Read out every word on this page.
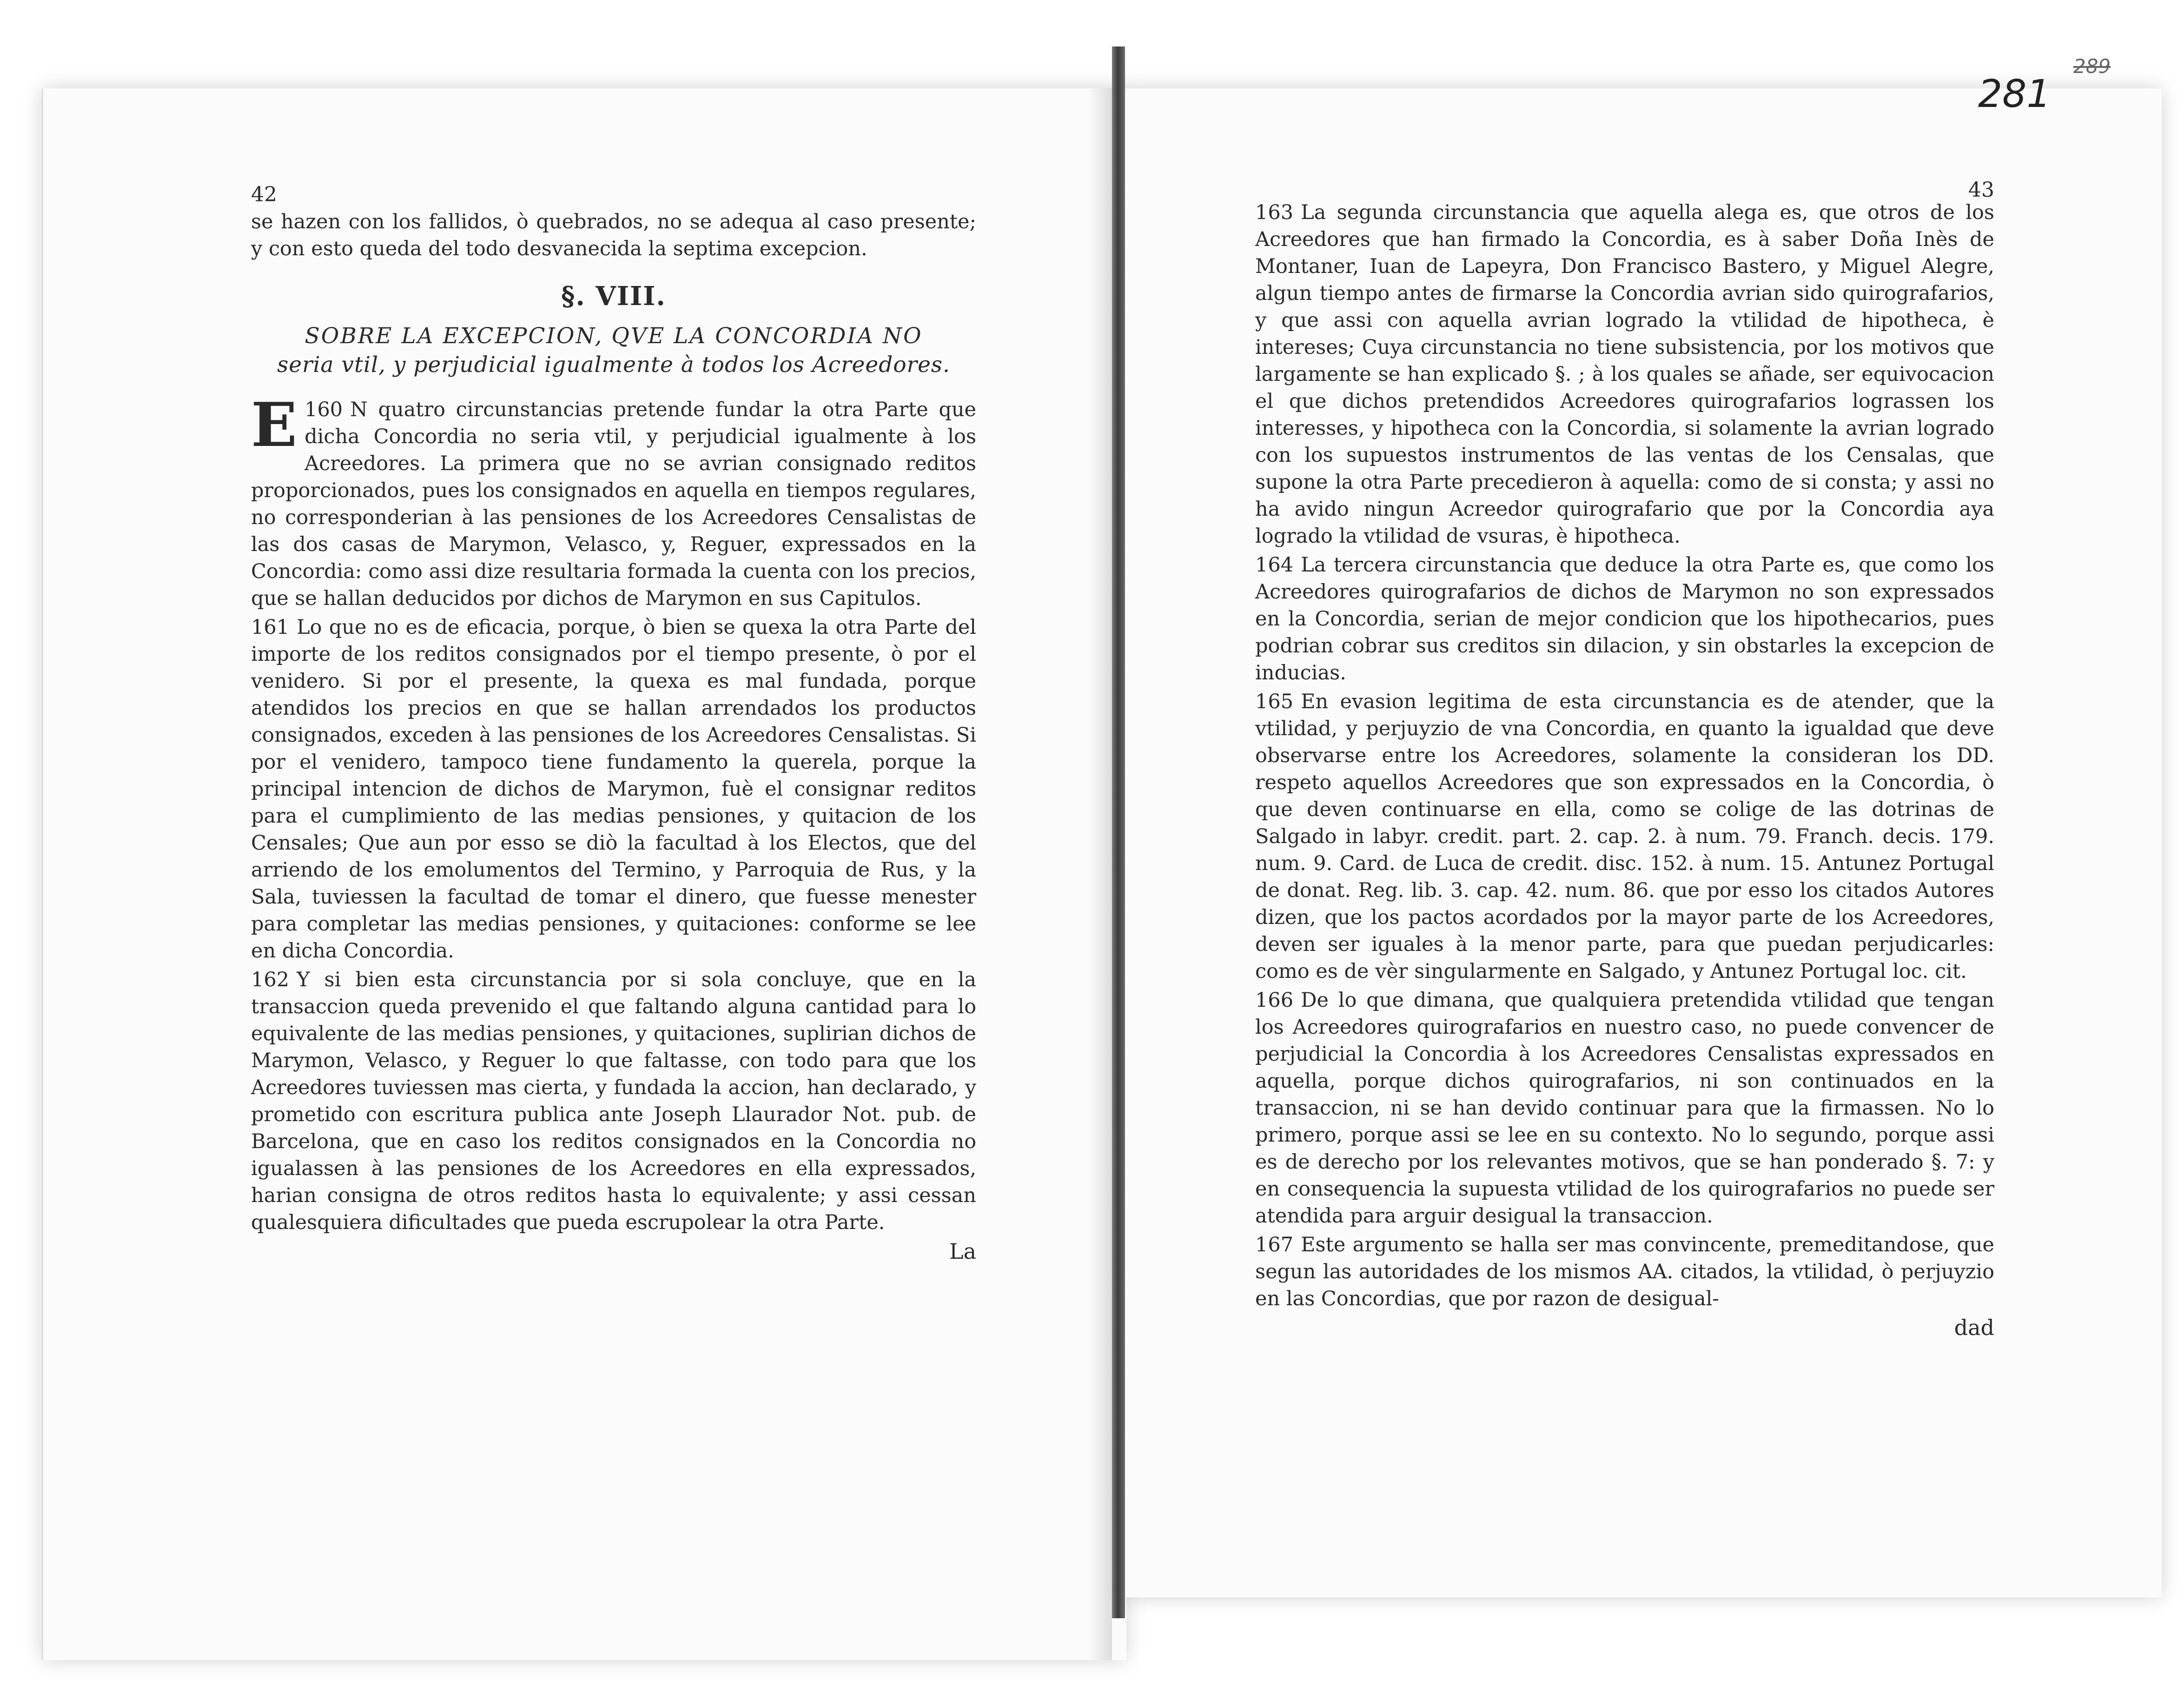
289
281
42

se hazen con los fallidos, ò quebrados, no se adequa al caso presente; y con esto queda del todo desvanecida la septima excepcion.

§. VIII.
SOBRE LA EXCEPCION, QVE LA CONCORDIA NO
seria vtil, y perjudicial igualmente à todos los Acreedores.

160
E	N quatro circunstancias pretende fundar la otra Parte que dicha Concordia no seria vtil, y perjudicial igualmente à los Acreedores. La primera que no se avrian consignado reditos proporcionados, pues los consignados en aquella en tiempos regulares, no corresponderian à las pensiones de los Acreedores Censalistas de las dos casas de Marymon, Velasco, y, Reguer, expressados en la Concordia: como assi dize resultaria formada la cuenta con los precios, que se hallan deducidos por dichos de Marymon en sus Capitulos.

161 Lo que no es de eficacia, porque, ò bien se quexa la otra Parte del importe de los reditos consignados por el tiempo presente, ò por el venidero. Si por el presente, la quexa es mal fundada, porque atendidos los precios en que se hallan arrendados los productos consignados, exceden à las pensiones de los Acreedores Censalistas. Si por el venidero, tampoco tiene fundamento la querela, porque la principal intencion de dichos de Marymon, fuè el consignar reditos para el cumplimiento de las medias pensiones, y quitacion de los Censales; Que aun por esso se diò la facultad à los Electos, que del arriendo de los emolumentos del Termino, y Parroquia de Rus, y la Sala, tuviessen la facultad de tomar el dinero, que fuesse menester para completar las medias pensiones, y quitaciones: conforme se lee en dicha Concordia.

162 Y si bien esta circunstancia por si sola concluye, que en la transaccion queda prevenido el que faltando alguna cantidad para lo equivalente de las medias pensiones, y quitaciones, suplirian dichos de Marymon, Velasco, y Reguer lo que faltasse, con todo para que los Acreedores tuviessen mas cierta, y fundada la accion, han declarado, y prometido con escritura publica ante Joseph Llaurador Not. pub. de Barcelona, que en caso los reditos consignados en la Concordia no igualassen à las pensiones de los Acreedores en ella expressados, harian consigna de otros reditos hasta lo equivalente; y assi cessan qualesquiera dificultades que pueda escrupolear la otra Parte.

La
43

163 La segunda circunstancia que aquella alega es, que otros de los Acreedores que han firmado la Concordia, es à saber Doña Inès de Montaner, Iuan de Lapeyra, Don Francisco Bastero, y Miguel Alegre, algun tiempo antes de firmarse la Concordia avrian sido quirografarios, y que assi con aquella avrian logrado la vtilidad de hipotheca, è intereses; Cuya circunstancia no tiene subsistencia, por los motivos que largamente se han explicado §. ; à los quales se añade, ser equivocacion el que dichos pretendidos Acreedores quirografarios lograssen los interesses, y hipotheca con la Concordia, si solamente la avrian logrado con los supuestos instrumentos de las ventas de los Censalas, que supone la otra Parte precedieron à aquella: como de si consta; y assi no ha avido ningun Acreedor quirografario que por la Concordia aya logrado la vtilidad de vsuras, è hipotheca.

164 La tercera circunstancia que deduce la otra Parte es, que como los Acreedores quirografarios de dichos de Marymon no son expressados en la Concordia, serian de mejor condicion que los hipothecarios, pues podrian cobrar sus creditos sin dilacion, y sin obstarles la excepcion de inducias.

165 En evasion legitima de esta circunstancia es de atender, que la vtilidad, y perjuyzio de vna Concordia, en quanto la igualdad que deve observarse entre los Acreedores, solamente la consideran los DD. respeto aquellos Acreedores que son expressados en la Concordia, ò que deven continuarse en ella, como se colige de las dotrinas de Salgado in labyr. credit. part. 2. cap. 2. à num. 79. Franch. decis. 179. num. 9. Card. de Luca de credit. disc. 152. à num. 15. Antunez Portugal de donat. Reg. lib. 3. cap. 42. num. 86. que por esso los citados Autores dizen, que los pactos acordados por la mayor parte de los Acreedores, deven ser iguales à la menor parte, para que puedan perjudicarles: como es de vèr singularmente en Salgado, y Antunez Portugal loc. cit.

166 De lo que dimana, que qualquiera pretendida vtilidad que tengan los Acreedores quirografarios en nuestro caso, no puede convencer de perjudicial la Concordia à los Acreedores Censalistas expressados en aquella, porque dichos quirografarios, ni son continuados en la transaccion, ni se han devido continuar para que la firmassen. No lo primero, porque assi se lee en su contexto. No lo segundo, porque assi es de derecho por los relevantes motivos, que se han ponderado §. 7: y en consequencia la supuesta vtilidad de los quirografarios no puede ser atendida para arguir desigual la transaccion.

167 Este argumento se halla ser mas convincente, premeditandose, que segun las autoridades de los mismos AA. citados, la vtilidad, ò perjuyzio en las Concordias, que por razon de desigual-

dad
